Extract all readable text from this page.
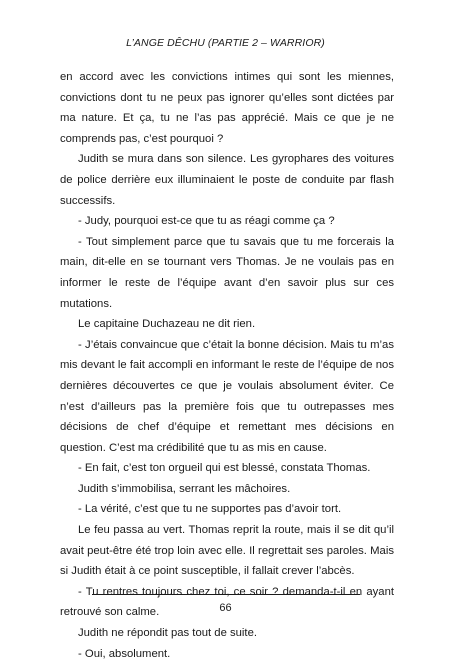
L’ANGE DÊCHU (PARTIE 2 – WARRIOR)

en accord avec les convictions intimes qui sont les miennes, convictions dont tu ne peux pas ignorer qu’elles sont dictées par ma nature. Et ça, tu ne l’as pas apprécié. Mais ce que je ne comprends pas, c’est pourquoi ?

Judith se mura dans son silence. Les gyrophares des voitures de police derrière eux illuminaient le poste de conduite par flash successifs.

- Judy, pourquoi est-ce que tu as réagi comme ça ?

- Tout simplement parce que tu savais que tu me forcerais la main, dit-elle en se tournant vers Thomas. Je ne voulais pas en informer le reste de l’équipe avant d’en savoir plus sur ces mutations.

Le capitaine Duchazeau ne dit rien.

- J’étais convaincue que c’était la bonne décision. Mais tu m’as mis devant le fait accompli en informant le reste de l’équipe de nos dernières découvertes ce que je voulais absolument éviter. Ce n’est d’ailleurs pas la première fois que tu outrepasses mes décisions de chef d’équipe et remettant mes décisions en question. C’est ma crédibilité que tu as mis en cause.

- En fait, c’est ton orgueil qui est blessé, constata Thomas.

Judith s’immobilisa, serrant les mâchoires.

- La vérité, c’est que tu ne supportes pas d’avoir tort.

Le feu passa au vert. Thomas reprit la route, mais il se dit qu’il avait peut-être été trop loin avec elle. Il regrettait ses paroles. Mais si Judith était à ce point susceptible, il fallait crever l’abcès.

- Tu rentres toujours chez toi, ce soir ? demanda-t-il en ayant retrouvé son calme.

Judith ne répondit pas tout de suite.

- Oui, absolument.

66
